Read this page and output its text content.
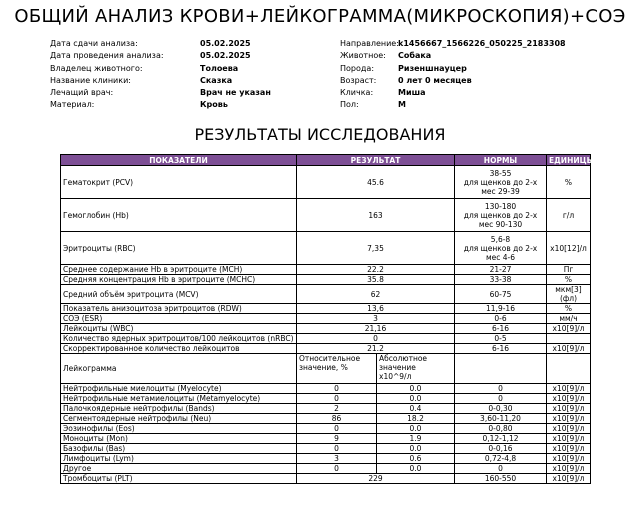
ОБЩИЙ АНАЛИЗ КРОВИ+ЛЕЙКОГРАММА(МИКРОСКОПИЯ)+СОЭ
Дата сдачи анализа:	05.02.2025
Дата проведения анализа:	05.02.2025
Владелец животного:	Толоева
Название клиники:	Сказка
Лечащий врач:	Врач не указан
Материал:	Кровь
Направление: k1456667_1566226_050225_2183308
Животное:	Собака
Порода:	Ризеншнауцер
Возраст:	0 лет 0 месяцев
Кличка:	Миша
Пол:	М
РЕЗУЛЬТАТЫ ИССЛЕДОВАНИЯ
ПОКАЗАТЕЛИ	РЕЗУЛЬТАТ		НОРМЫ	ЕДИНИЦЫ
Гематокрит (PCV)	45.6		38-55
для щенков до 2-х
мес 29-39	%
Гемоглобин (Hb)	163		130-180
для щенков до 2-х
мес 90-130	г/л
Эритроциты (RBC)	7,35		5,6-8
для щенков до 2-х
мес 4-6	x10[12]/л
Среднее содержание Hb в эритроците (MCH)	22.2		21-27	Пг
Средняя концентрация Hb в эритроците (MCHC)	35.8		33-38	%
Средний объём эритроцита (MCV)	62		60-75	мкм[3](фл)
Показатель анизоцитоза эритроцитов (RDW)	13,6		11,9-16	%
СОЭ (ESR)	3		0-6	мм/ч
Лейкоциты (WBC)	21,16		6-16	x10[9]/л
Количество ядерных эритроцитов/100 лейкоцитов (nRBC)	0		0-5	
Скорректированное количество лейкоцитов	21.2		6-16	x10[9]/л
Лейкограмма	Относительное
значение, %	Абсолютное
значение
x10^9/л		
Нейтрофильные миелоциты (Myelocyte)	0	0.0	0	x10[9]/л
Нейтрофильные метамиелоциты (Metamyelocyte)	0	0.0	0	x10[9]/л
Палочкоядерные нейтрофилы (Bands)	2	0.4	0-0,30	x10[9]/л
Сегментоядерные нейтрофилы (Neu)	86	18.2	3,60-11,20	x10[9]/л
Эозинофилы (Eos)	0	0.0	0-0,80	x10[9]/л
Моноциты (Mon)	9	1.9	0,12-1,12	x10[9]/л
Базофилы (Bas)	0	0.0	0-0,16	x10[9]/л
Лимфоциты (Lym)	3	0.6	0,72-4,8	x10[9]/л
Другое	0	0.0	0	x10[9]/л
Тромбоциты (PLT)	229		160-550	x10[9]/л
